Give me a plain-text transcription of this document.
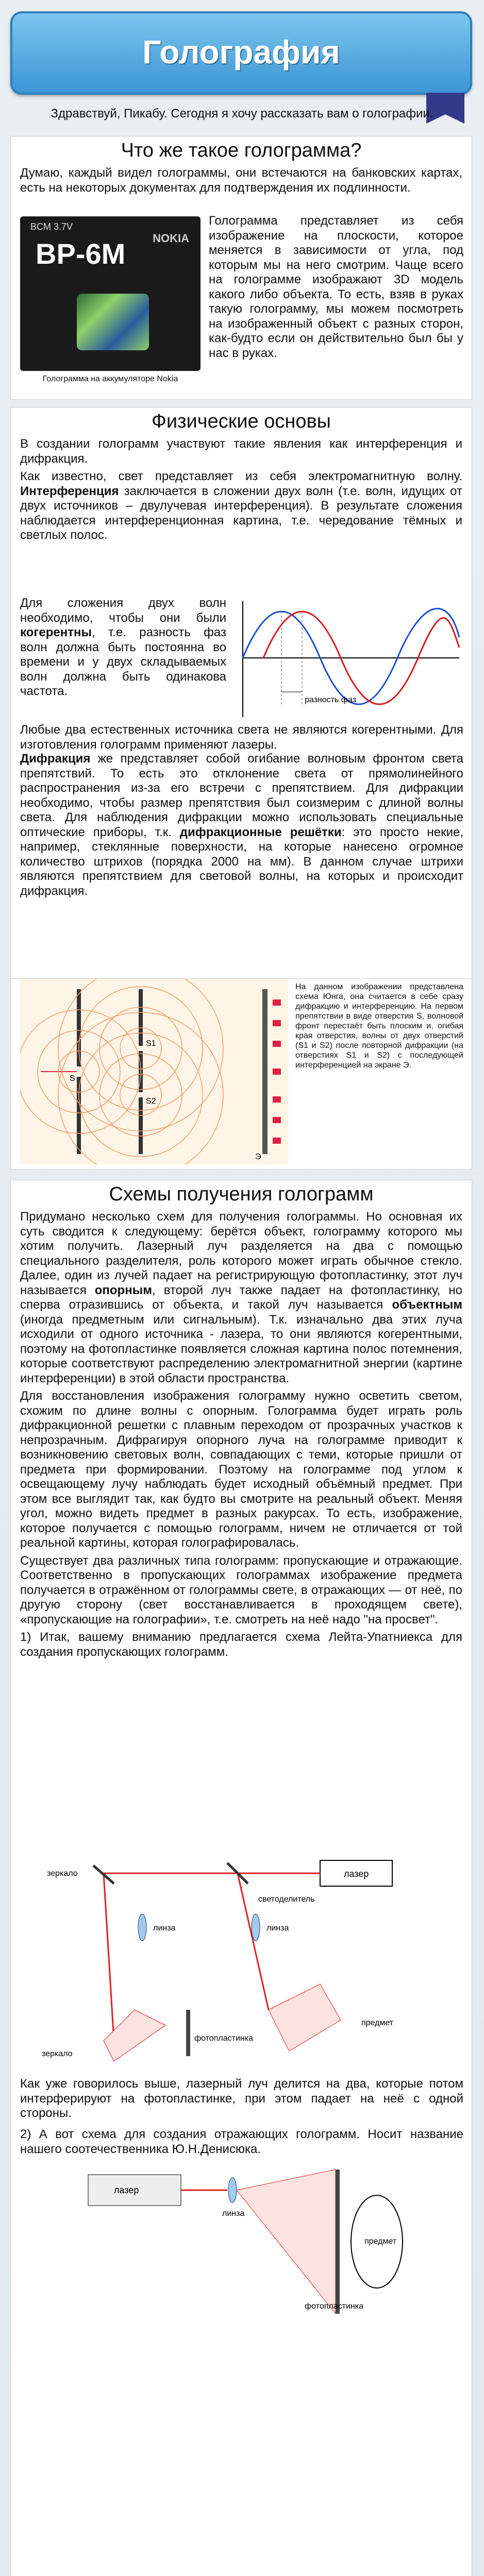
Голография
Здравствуй, Пикабу. Сегодня я хочу рассказать вам о голографии.
Что же такое голограмма?

Думаю, каждый видел голограммы, они встечаются на банковских картах, есть на некоторых документах для подтверждения их подлинности.

BCM 3.7V
BP-6M NOKIA
Голограмма на аккумуляторе Nokia

Голограмма представляет из себя изображение на плоскости, которое меняется в зависимости от угла, под которым мы на него смотрим. Чаще всего на голограмме изображают 3D модель какого либо объекта. То есть, взяв в руках такую голограмму, мы можем посмотреть на изображенный объект с разных сторон, как-будто если он действительно был бы у нас в руках.

Физические основы

В создании голограмм участвуют такие явления как интерференция и дифракция.

Как известно, свет представляет из себя электромагнитную волну. Интерференция заключается в сложении двух волн (т.е. волн, идущих от двух источников – двулучевая интерференция). В результате сложения наблюдается интерференционная картина, т.е. чередование тёмных и светлых полос.

Для сложения двух волн необходимо, чтобы они были когерентны, т.е. разность фаз волн должна быть постоянна во времени и у двух складываемых волн должна быть одинакова частота.

разность фаз

Любые два естественных источника света не являются когерентными. Для изготовления голограмм применяют лазеры.

Дифракция же представляет собой огибание волновым фронтом света препятствий. То есть это отклонение света от прямолинейного распространения из-за его встречи с препятствием. Для дифракции необходимо, чтобы размер препятствия был соизмерим с длиной волны света. Для наблюдения дифракции можно использовать специальные оптические приборы, т.к. дифракционные решётки: это просто некие, например, стеклянные поверхности, на которые нанесено огромное количество штрихов (порядка 2000 на мм). В данном случае штрихи являются препятствием для световой волны, на которых и происходит дифракция.

S
S1
S2
Э

На данном изображении представлена схема Юнга, она считается в себе сразу дифракцию и интерференцию. На первом препятствии в виде отверстия S, волновой фронт перестаёт быть плоским и, огибая края отверстия, волны от двух отверстий (S1 и S2) после повторной дифракции (на отверстиях S1 и S2) с последующей интерференцией на экране Э.

Схемы получения голограмм

Придумано несколько схем для получения голограммы. Но основная их суть сводится к следующему: берётся объект, голограмму которого мы хотим получить. Лазерный луч разделяется на два с помощью специального разделителя, роль которого может играть обычное стекло. Далее, один из лучей падает на регистрирующую фотопластинку, этот луч называется опорным, второй луч также падает на фотопластинку, но сперва отразившись от объекта, и такой луч называется объектным (иногда предметным или сигнальным). Т.к. изначально два этих луча исходили от одного источника - лазера, то они являются когерентными, поэтому на фотопластинке появляется сложная картина полос потемнения, которые соответствуют распределению электромагнитной энергии (картине интерференции) в этой области пространства.

Для восстановления изображения голограмму нужно осветить светом, схожим по длине волны с опорным. Голограмма будет играть роль дифракционной решетки с плавным переходом от прозрачных участков к непрозрачным. Дифрагируя опорного луча на голограмме приводит к возникновению световых волн, совпадающих с теми, которые пришли от предмета при формировании. Поэтому на голограмме под углом к освещающему лучу наблюдать будет исходный объёмный предмет. При этом все выглядит так, как будто вы смотрите на реальный объект. Меняя угол, можно видеть предмет в разных ракурсах. То есть, изображение, которое получается с помощью голограмм, ничем не отличается от той реальной картины, которая голографировалась.

Существует два различных типа голограмм: пропускающие и отражающие. Соответственно в пропускающих голограммах изображение предмета получается в отражённом от голограммы свете, в отражающих — от неё, по другую сторону (свет восстанавливается в проходящем свете), «пропускающие на голографии», т.е. смотреть на неё надо "на просвет".

1) Итак, вашему вниманию предлагается схема Лейта-Упатниекса для создания пропускающих голограмм.

лазер
зеркало
светоделитель
линза	линза
фотопластинка
предмет
зеркало

Как уже говорилось выше, лазерный луч делится на два, которые потом интерферируют на фотопластинке, при этом падает на неё с одной стороны.

2) А вот схема для создания отражающих голограмм. Носит название нашего соотечественника Ю.Н.Денисюка.

лазер
линза
фотопластинка
предмет
